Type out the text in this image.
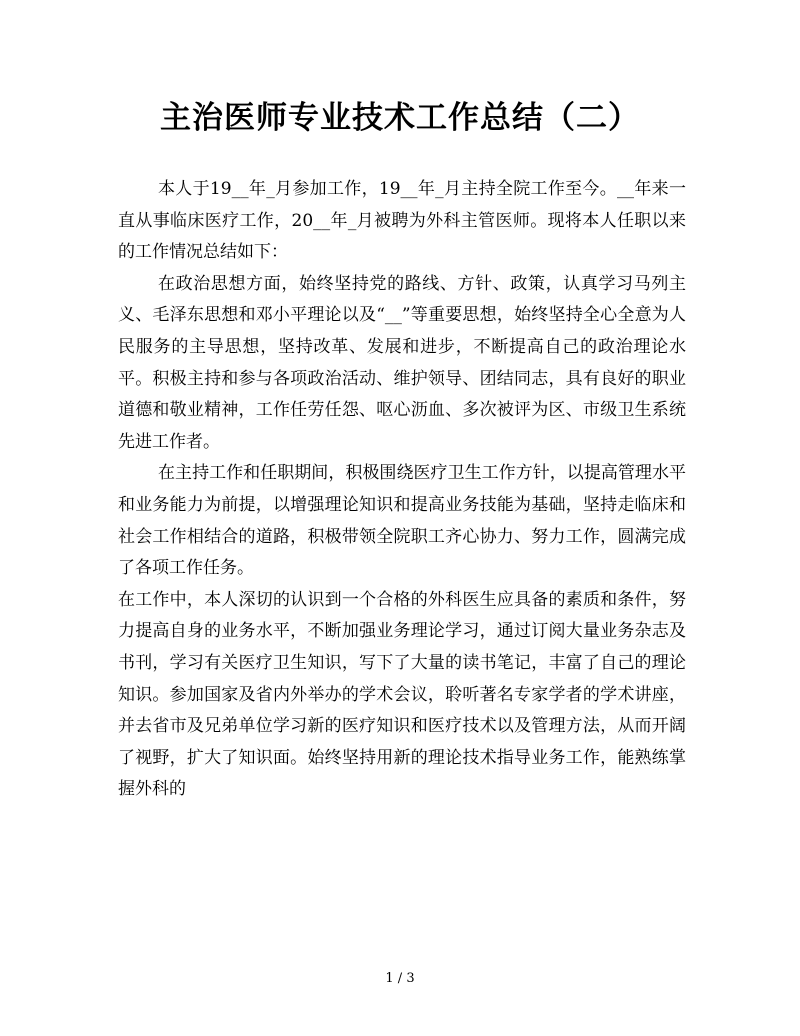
主治医师专业技术工作总结（二）

本人于19__年_月参加工作，19__年_月主持全院工作至今。__年来一直从事临床医疗工作，20__年_月被聘为外科主管医师。现将本人任职以来的工作情况总结如下：

在政治思想方面，始终坚持党的路线、方针、政策，认真学习马列主义、毛泽东思想和邓小平理论以及“__”等重要思想，始终坚持全心全意为人民服务的主导思想，坚持改革、发展和进步，不断提高自己的政治理论水平。积极主持和参与各项政治活动、维护领导、团结同志，具有良好的职业道德和敬业精神，工作任劳任怨、呕心沥血、多次被评为区、市级卫生系统先进工作者。

在主持工作和任职期间，积极围绕医疗卫生工作方针，以提高管理水平和业务能力为前提，以增强理论知识和提高业务技能为基础，坚持走临床和社会工作相结合的道路，积极带领全院职工齐心协力、努力工作，圆满完成了各项工作任务。

在工作中，本人深切的认识到一个合格的外科医生应具备的素质和条件，努力提高自身的业务水平，不断加强业务理论学习，通过订阅大量业务杂志及书刊，学习有关医疗卫生知识，写下了大量的读书笔记，丰富了自己的理论知识。参加国家及省内外举办的学术会议，聆听著名专家学者的学术讲座，并去省市及兄弟单位学习新的医疗知识和医疗技术以及管理方法，从而开阔了视野，扩大了知识面。始终坚持用新的理论技术指导业务工作，能熟练掌握外科的

1 / 3
